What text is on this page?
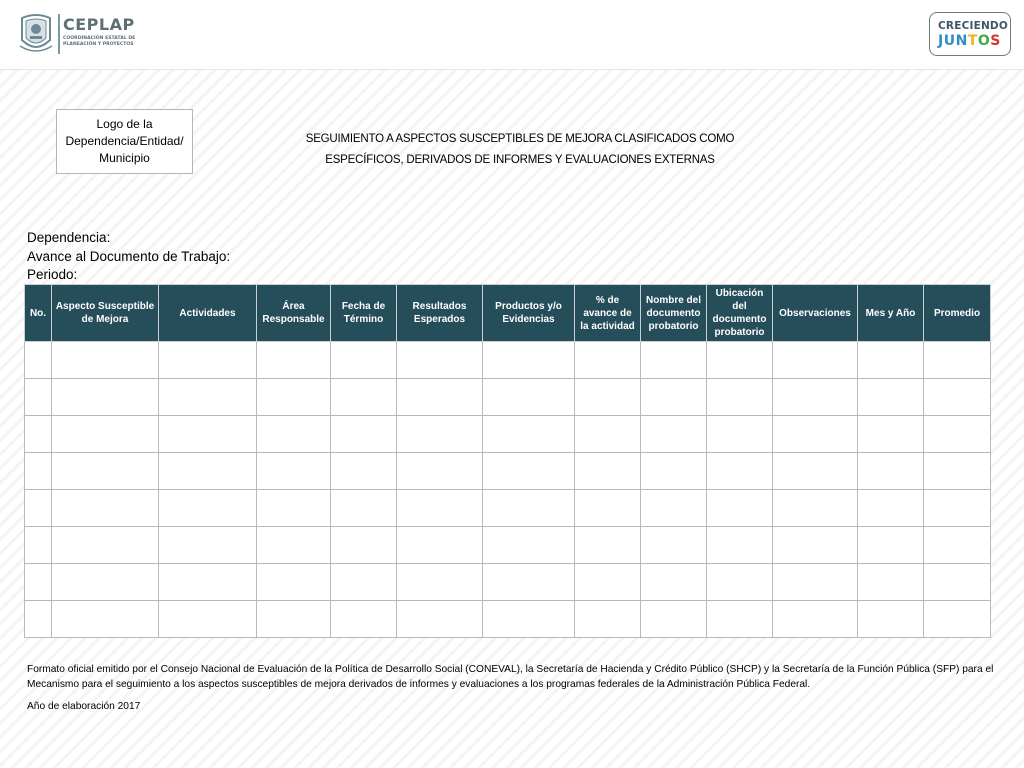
CEPLAP
COORDINACIÓN ESTATAL DE PLANEACIÓN Y PROYECTOS
CRECIENDO
JUNTOS
Logo de la Dependencia/Entidad/ Municipio
SEGUIMIENTO A ASPECTOS SUSCEPTIBLES DE MEJORA CLASIFICADOS COMO
ESPECÍFICOS, DERIVADOS DE INFORMES Y EVALUACIONES EXTERNAS
Dependencia:
Avance al Documento de Trabajo:
Periodo:
No.	Aspecto Susceptible de Mejora	Actividades	Área Responsable	Fecha de Término	Resultados Esperados	Productos y/o Evidencias	% de avance de la actividad	Nombre del documento probatorio	Ubicación del documento probatorio	Observaciones	Mes y Año	Promedio

Formato oficial emitido por el Consejo Nacional de Evaluación de la Política de Desarrollo Social (CONEVAL), la Secretaría de Hacienda y Crédito Público (SHCP) y la Secretaría de la Función Pública (SFP) para el Mecanismo para el seguimiento a los aspectos susceptibles de mejora derivados de informes y evaluaciones a los programas federales de la Administración Pública Federal.
Año de elaboración 2017
